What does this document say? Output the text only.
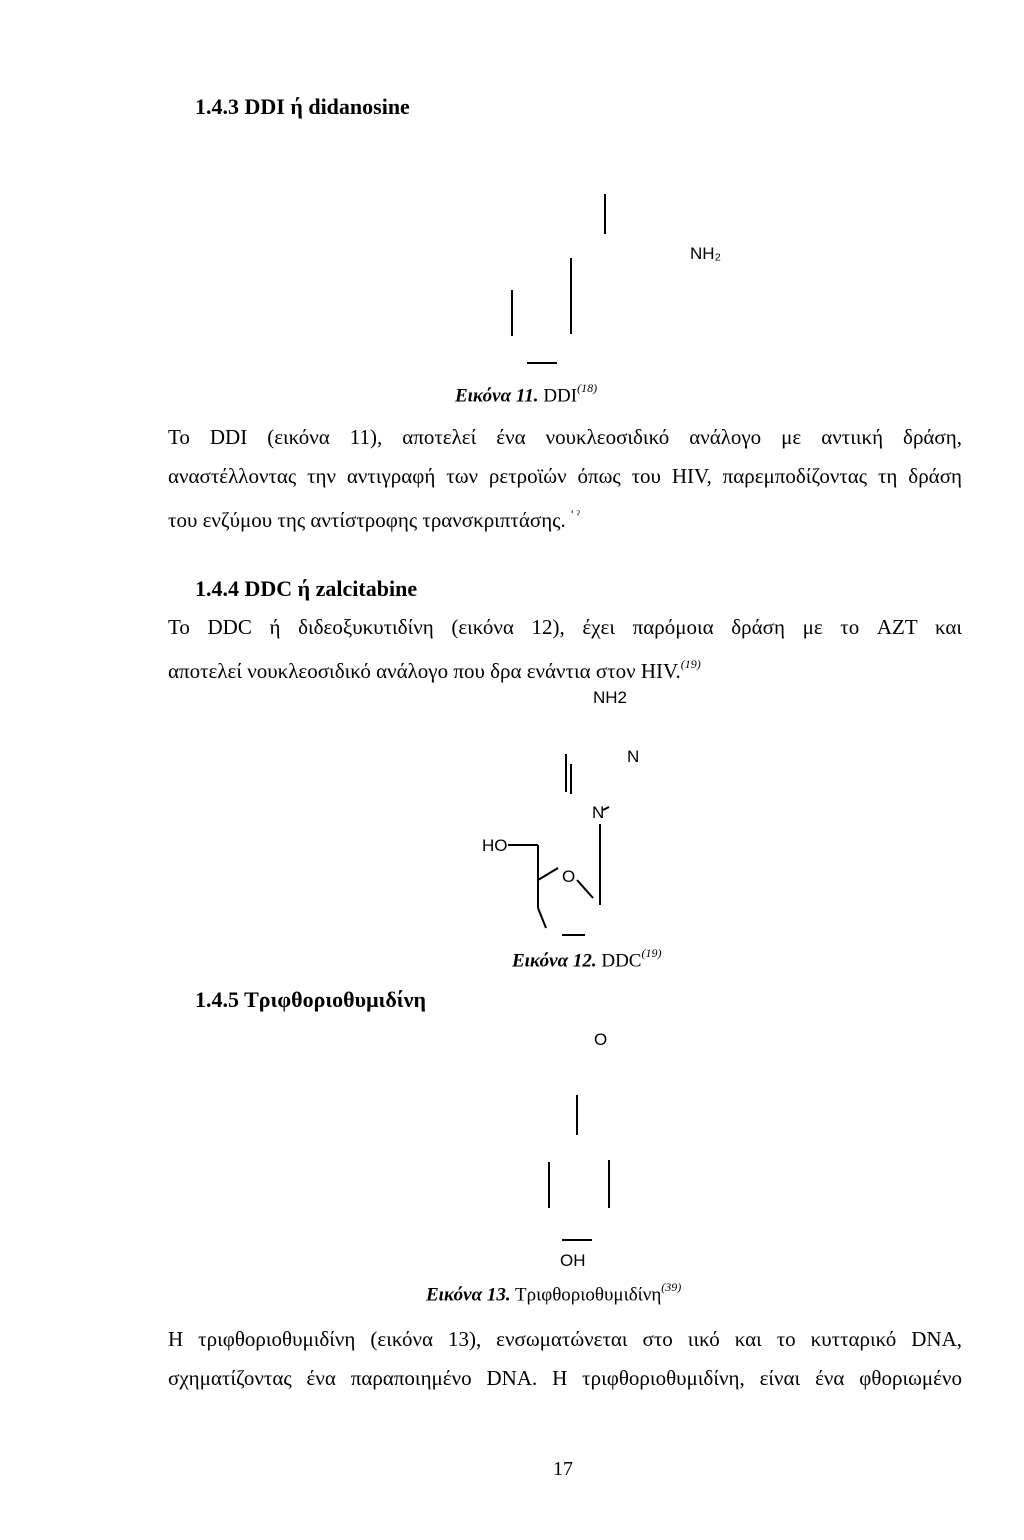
1.4.3 DDI ή didanosine
NH₂
Εικόνα 11. DDI$^{(18)}$
Το DDI (εικόνα 11), αποτελεί ένα νουκλεοσιδικό ανάλογο με αντιική δράση,
αναστέλλοντας την αντιγραφή των ρετροϊών όπως του HIV, παρεμποδίζοντας τη δράση
του ενζύμου της αντίστροφης τρανσκριπτάσης. $^{' ˀ}$
1.4.4 DDC ή zalcitabine
Το DDC ή διδεοξυκυτιδίνη (εικόνα 12), έχει παρόμοια δράση με το AZT και
αποτελεί νουκλεοσιδικό ανάλογο που δρα ενάντια στον HIV.$^{(19)}$
NH2
N
N
HO
O
Εικόνα 12. DDC$^{(19)}$
1.4.5 Τριφθοριοθυμιδίνη
O
OH
Εικόνα 13. Τριφθοριοθυμιδίνη$^{(39)}$
Η τριφθοριοθυμιδίνη (εικόνα 13), ενσωματώνεται στο ιικό και το κυτταρικό DNA,
σχηματίζοντας ένα παραποιημένο DNA. Η τριφθοριοθυμιδίνη, είναι ένα φθοριωμένο
17
